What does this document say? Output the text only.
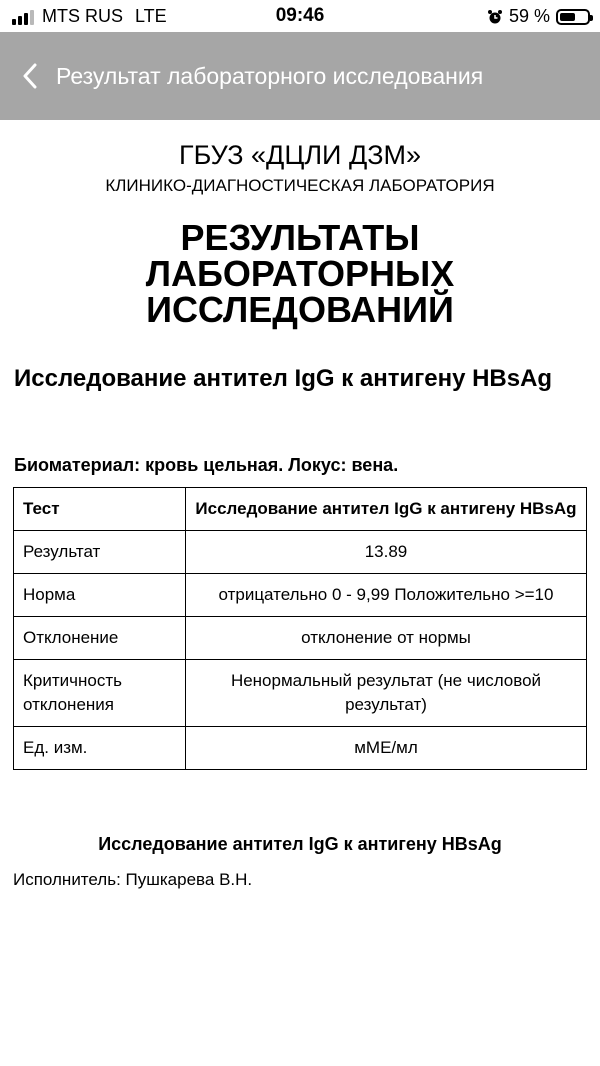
MTS RUS LTE	09:46	59 %
Результат лабораторного исследования
ГБУЗ «ДЦЛИ ДЗМ»
КЛИНИКО-ДИАГНОСТИЧЕСКАЯ ЛАБОРАТОРИЯ
РЕЗУЛЬТАТЫ ЛАБОРАТОРНЫХ ИССЛЕДОВАНИЙ
Исследование антител IgG к антигену HBsAg
Биоматериал: кровь цельная. Локус: вена.
Тест	Исследование антител IgG к антигену HBsAg
Результат	13.89
Норма	отрицательно 0 - 9,99 Положительно >=10
Отклонение	отклонение от нормы
Критичность отклонения	Ненормальный результат (не числовой результат)
Ед. изм.	мМЕ/мл
Исследование антител IgG к антигену HBsAg
Исполнитель: Пушкарева В.Н.
